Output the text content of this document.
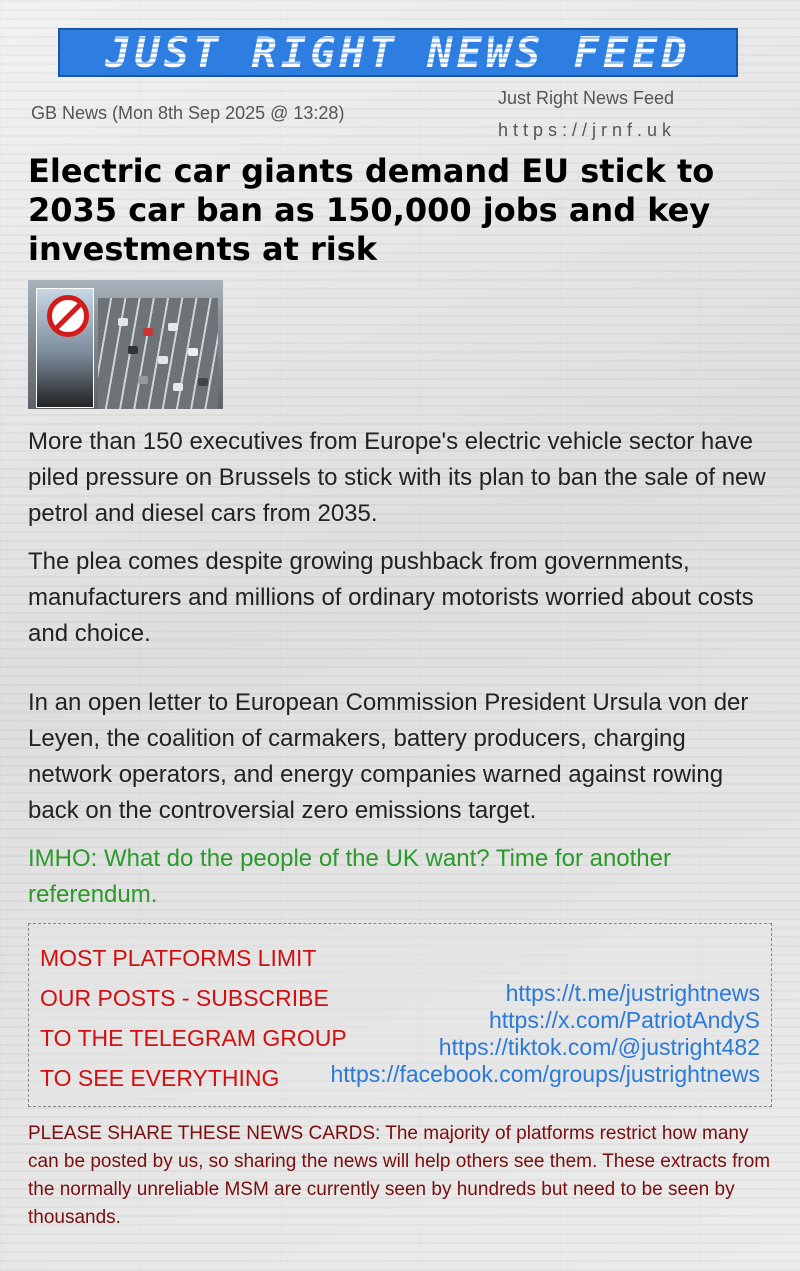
JUST RIGHT NEWS FEED
GB News (Mon 8th Sep 2025 @ 13:28)
Just Right News Feed
https://jrnf.uk
Electric car giants demand EU stick to 2035 car ban as 150,000 jobs and key investments at risk

More than 150 executives from Europe's electric vehicle sector have piled pressure on Brussels to stick with its plan to ban the sale of new petrol and diesel cars from 2035.

The plea comes despite growing pushback from governments, manufacturers and millions of ordinary motorists worried about costs and choice.

In an open letter to European Commission President Ursula von der Leyen, the coalition of carmakers, battery producers, charging network operators, and energy companies warned against rowing back on the controversial zero emissions target.

IMHO: What do the people of the UK want? Time for another referendum.

MOST PLATFORMS LIMIT
OUR POSTS - SUBSCRIBE
TO THE TELEGRAM GROUP
TO SEE EVERYTHING
https://t.me/justrightnews
https://x.com/PatriotAndyS
https://tiktok.com/@justright482
https://facebook.com/groups/justrightnews

PLEASE SHARE THESE NEWS CARDS: The majority of platforms restrict how many can be posted by us, so sharing the news will help others see them. These extracts from the normally unreliable MSM are currently seen by hundreds but need to be seen by thousands.
